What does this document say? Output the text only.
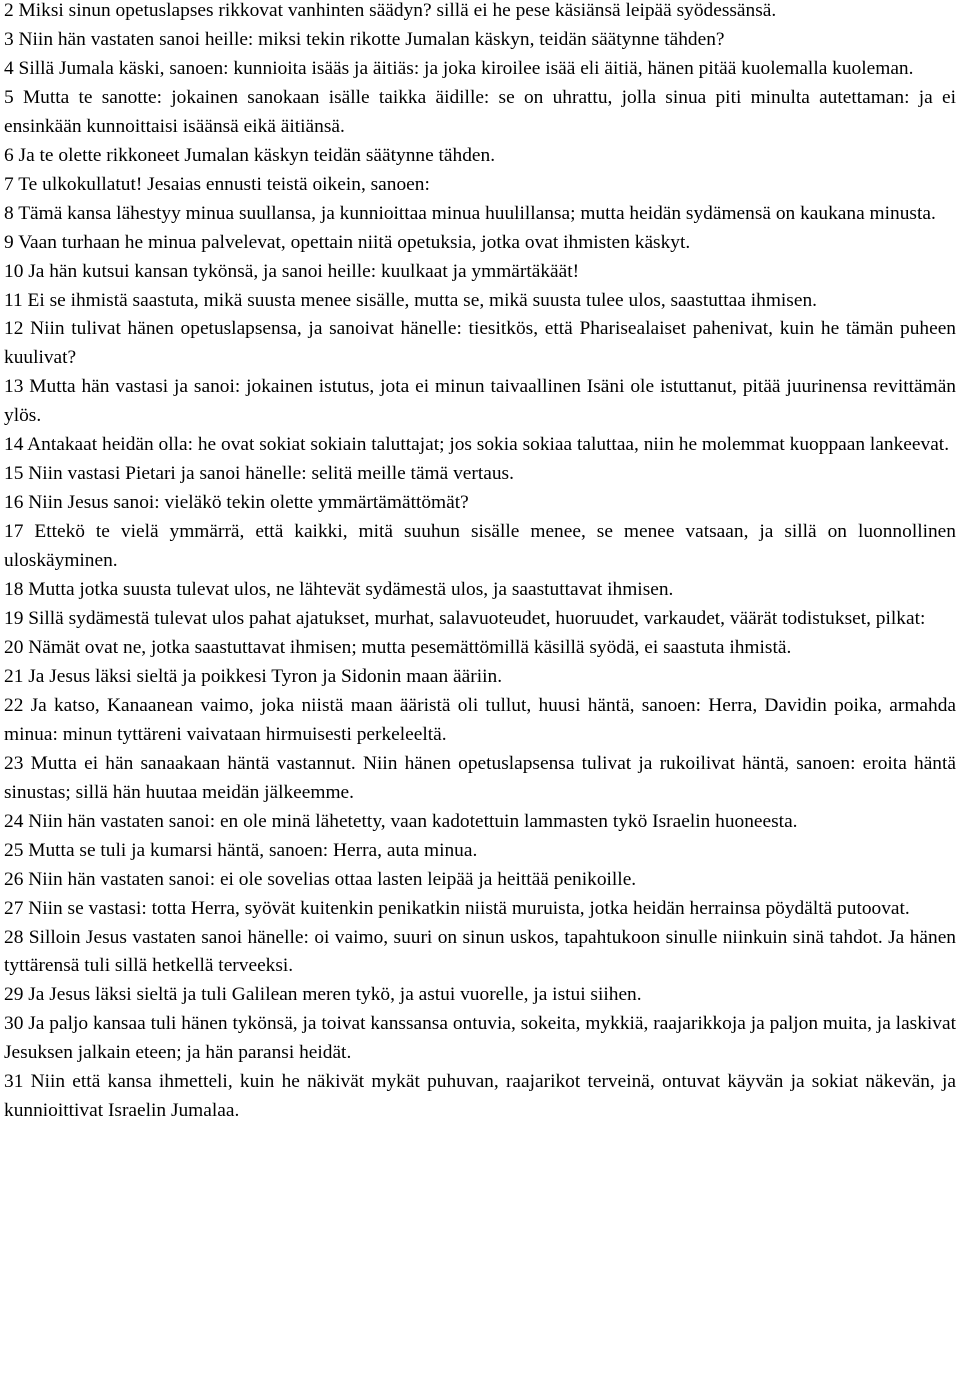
2 Miksi sinun opetuslapses rikkovat vanhinten säädyn? sillä ei he pese käsiänsä leipää syödessänsä.

3 Niin hän vastaten sanoi heille: miksi tekin rikotte Jumalan käskyn, teidän säätynne tähden?

4 Sillä Jumala käski, sanoen: kunnioita isääs ja äitiäs: ja joka kiroilee isää eli äitiä, hänen pitää kuolemalla kuoleman.

5 Mutta te sanotte: jokainen sanokaan isälle taikka äidille: se on uhrattu, jolla sinua piti minulta autettaman: ja ei ensinkään kunnoittaisi isäänsä eikä äitiänsä.

6 Ja te olette rikkoneet Jumalan käskyn teidän säätynne tähden.

7 Te ulkokullatut! Jesaias ennusti teistä oikein, sanoen:

8 Tämä kansa lähestyy minua suullansa, ja kunnioittaa minua huulillansa; mutta heidän sydämensä on kaukana minusta.

9 Vaan turhaan he minua palvelevat, opettain niitä opetuksia, jotka ovat ihmisten käskyt.

10 Ja hän kutsui kansan tykönsä, ja sanoi heille: kuulkaat ja ymmärtäkäät!

11 Ei se ihmistä saastuta, mikä suusta menee sisälle, mutta se, mikä suusta tulee ulos, saastuttaa ihmisen.

12 Niin tulivat hänen opetuslapsensa, ja sanoivat hänelle: tiesitkös, että Pharisealaiset pahenivat, kuin he tämän puheen kuulivat?

13 Mutta hän vastasi ja sanoi: jokainen istutus, jota ei minun taivaallinen Isäni ole istuttanut, pitää juurinensa revittämän ylös.

14 Antakaat heidän olla: he ovat sokiat sokiain taluttajat; jos sokia sokiaa taluttaa, niin he molemmat kuoppaan lankeevat.

15 Niin vastasi Pietari ja sanoi hänelle: selitä meille tämä vertaus.

16 Niin Jesus sanoi: vieläkö tekin olette ymmärtämättömät?

17 Ettekö te vielä ymmärrä, että kaikki, mitä suuhun sisälle menee, se menee vatsaan, ja sillä on luonnollinen uloskäyminen.

18 Mutta jotka suusta tulevat ulos, ne lähtevät sydämestä ulos, ja saastuttavat ihmisen.

19 Sillä sydämestä tulevat ulos pahat ajatukset, murhat, salavuoteudet, huoruudet, varkaudet, väärät todistukset, pilkat:

20 Nämät ovat ne, jotka saastuttavat ihmisen; mutta pesemättömillä käsillä syödä, ei saastuta ihmistä.

21 Ja Jesus läksi sieltä ja poikkesi Tyron ja Sidonin maan ääriin.

22 Ja katso, Kanaanean vaimo, joka niistä maan ääristä oli tullut, huusi häntä, sanoen: Herra, Davidin poika, armahda minua: minun tyttäreni vaivataan hirmuisesti perkeleeltä.

23 Mutta ei hän sanaakaan häntä vastannut. Niin hänen opetuslapsensa tulivat ja rukoilivat häntä, sanoen: eroita häntä sinustas; sillä hän huutaa meidän jälkeemme.

24 Niin hän vastaten sanoi: en ole minä lähetetty, vaan kadotettuin lammasten tykö Israelin huoneesta.

25 Mutta se tuli ja kumarsi häntä, sanoen: Herra, auta minua.

26 Niin hän vastaten sanoi: ei ole sovelias ottaa lasten leipää ja heittää penikoille.

27 Niin se vastasi: totta Herra, syövät kuitenkin penikatkin niistä muruista, jotka heidän herrainsa pöydältä putoovat.

28 Silloin Jesus vastaten sanoi hänelle: oi vaimo, suuri on sinun uskos, tapahtukoon sinulle niinkuin sinä tahdot. Ja hänen tyttärensä tuli sillä hetkellä terveeksi.

29 Ja Jesus läksi sieltä ja tuli Galilean meren tykö, ja astui vuorelle, ja istui siihen.

30 Ja paljo kansaa tuli hänen tykönsä, ja toivat kanssansa ontuvia, sokeita, mykkiä, raajarikkoja ja paljon muita, ja laskivat Jesuksen jalkain eteen; ja hän paransi heidät.

31 Niin että kansa ihmetteli, kuin he näkivät mykät puhuvan, raajarikot terveinä, ontuvat käyvän ja sokiat näkevän, ja kunnioittivat Israelin Jumalaa.
